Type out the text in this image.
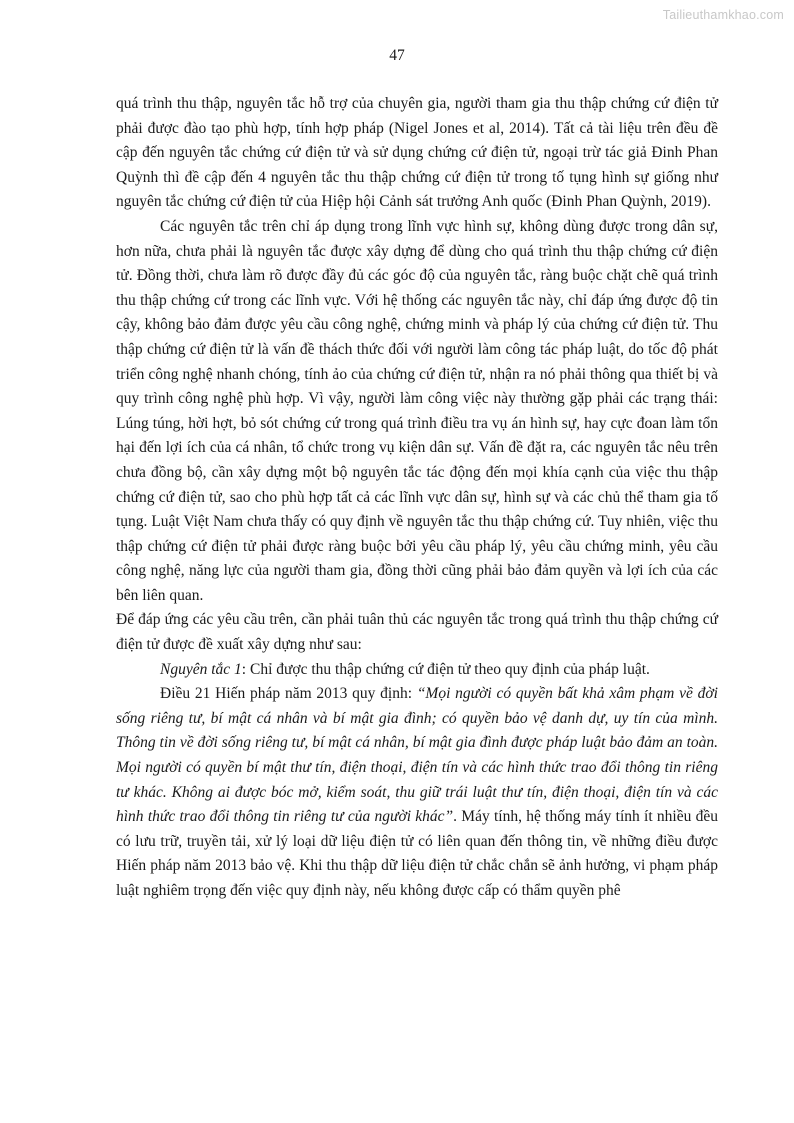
Tailieuthamkhao.com
47

quá trình thu thập, nguyên tắc hỗ trợ của chuyên gia, người tham gia thu thập chứng cứ điện tử phải được đào tạo phù hợp, tính hợp pháp (Nigel Jones et al, 2014). Tất cả tài liệu trên đều đề cập đến nguyên tắc chứng cứ điện tử và sử dụng chứng cứ điện tử, ngoại trừ tác giả Đinh Phan Quỳnh thì đề cập đến 4 nguyên tắc thu thập chứng cứ điện tử trong tố tụng hình sự giống như nguyên tắc chứng cứ điện tử của Hiệp hội Cảnh sát trưởng Anh quốc (Đinh Phan Quỳnh, 2019).

Các nguyên tắc trên chỉ áp dụng trong lĩnh vực hình sự, không dùng được trong dân sự, hơn nữa, chưa phải là nguyên tắc được xây dựng để dùng cho quá trình thu thập chứng cứ điện tử. Đồng thời, chưa làm rõ được đầy đủ các góc độ của nguyên tắc, ràng buộc chặt chẽ quá trình thu thập chứng cứ trong các lĩnh vực. Với hệ thống các nguyên tắc này, chỉ đáp ứng được độ tin cậy, không bảo đảm được yêu cầu công nghệ, chứng minh và pháp lý của chứng cứ điện tử. Thu thập chứng cứ điện tử là vấn đề thách thức đối với người làm công tác pháp luật, do tốc độ phát triển công nghệ nhanh chóng, tính ảo của chứng cứ điện tử, nhận ra nó phải thông qua thiết bị và quy trình công nghệ phù hợp. Vì vậy, người làm công việc này thường gặp phải các trạng thái: Lúng túng, hời hợt, bỏ sót chứng cứ trong quá trình điều tra vụ án hình sự, hay cực đoan làm tổn hại đến lợi ích của cá nhân, tổ chức trong vụ kiện dân sự. Vấn đề đặt ra, các nguyên tắc nêu trên chưa đồng bộ, cần xây dựng một bộ nguyên tắc tác động đến mọi khía cạnh của việc thu thập chứng cứ điện tử, sao cho phù hợp tất cả các lĩnh vực dân sự, hình sự và các chủ thể tham gia tố tụng. Luật Việt Nam chưa thấy có quy định về nguyên tắc thu thập chứng cứ. Tuy nhiên, việc thu thập chứng cứ điện tử phải được ràng buộc bởi yêu cầu pháp lý, yêu cầu chứng minh, yêu cầu công nghệ, năng lực của người tham gia, đồng thời cũng phải bảo đảm quyền và lợi ích của các bên liên quan.

Để đáp ứng các yêu cầu trên, cần phải tuân thủ các nguyên tắc trong quá trình thu thập chứng cứ điện tử được đề xuất xây dựng như sau:

Nguyên tắc 1: Chỉ được thu thập chứng cứ điện tử theo quy định của pháp luật.

Điều 21 Hiến pháp năm 2013 quy định: “Mọi người có quyền bất khả xâm phạm về đời sống riêng tư, bí mật cá nhân và bí mật gia đình; có quyền bảo vệ danh dự, uy tín của mình. Thông tin về đời sống riêng tư, bí mật cá nhân, bí mật gia đình được pháp luật bảo đảm an toàn. Mọi người có quyền bí mật thư tín, điện thoại, điện tín và các hình thức trao đổi thông tin riêng tư khác. Không ai được bóc mở, kiểm soát, thu giữ trái luật thư tín, điện thoại, điện tín và các hình thức trao đổi thông tin riêng tư của người khác”. Máy tính, hệ thống máy tính ít nhiều đều có lưu trữ, truyền tải, xử lý loại dữ liệu điện tử có liên quan đến thông tin, về những điều được Hiến pháp năm 2013 bảo vệ. Khi thu thập dữ liệu điện tử chắc chắn sẽ ảnh hưởng, vi phạm pháp luật nghiêm trọng đến việc quy định này, nếu không được cấp có thẩm quyền phê
